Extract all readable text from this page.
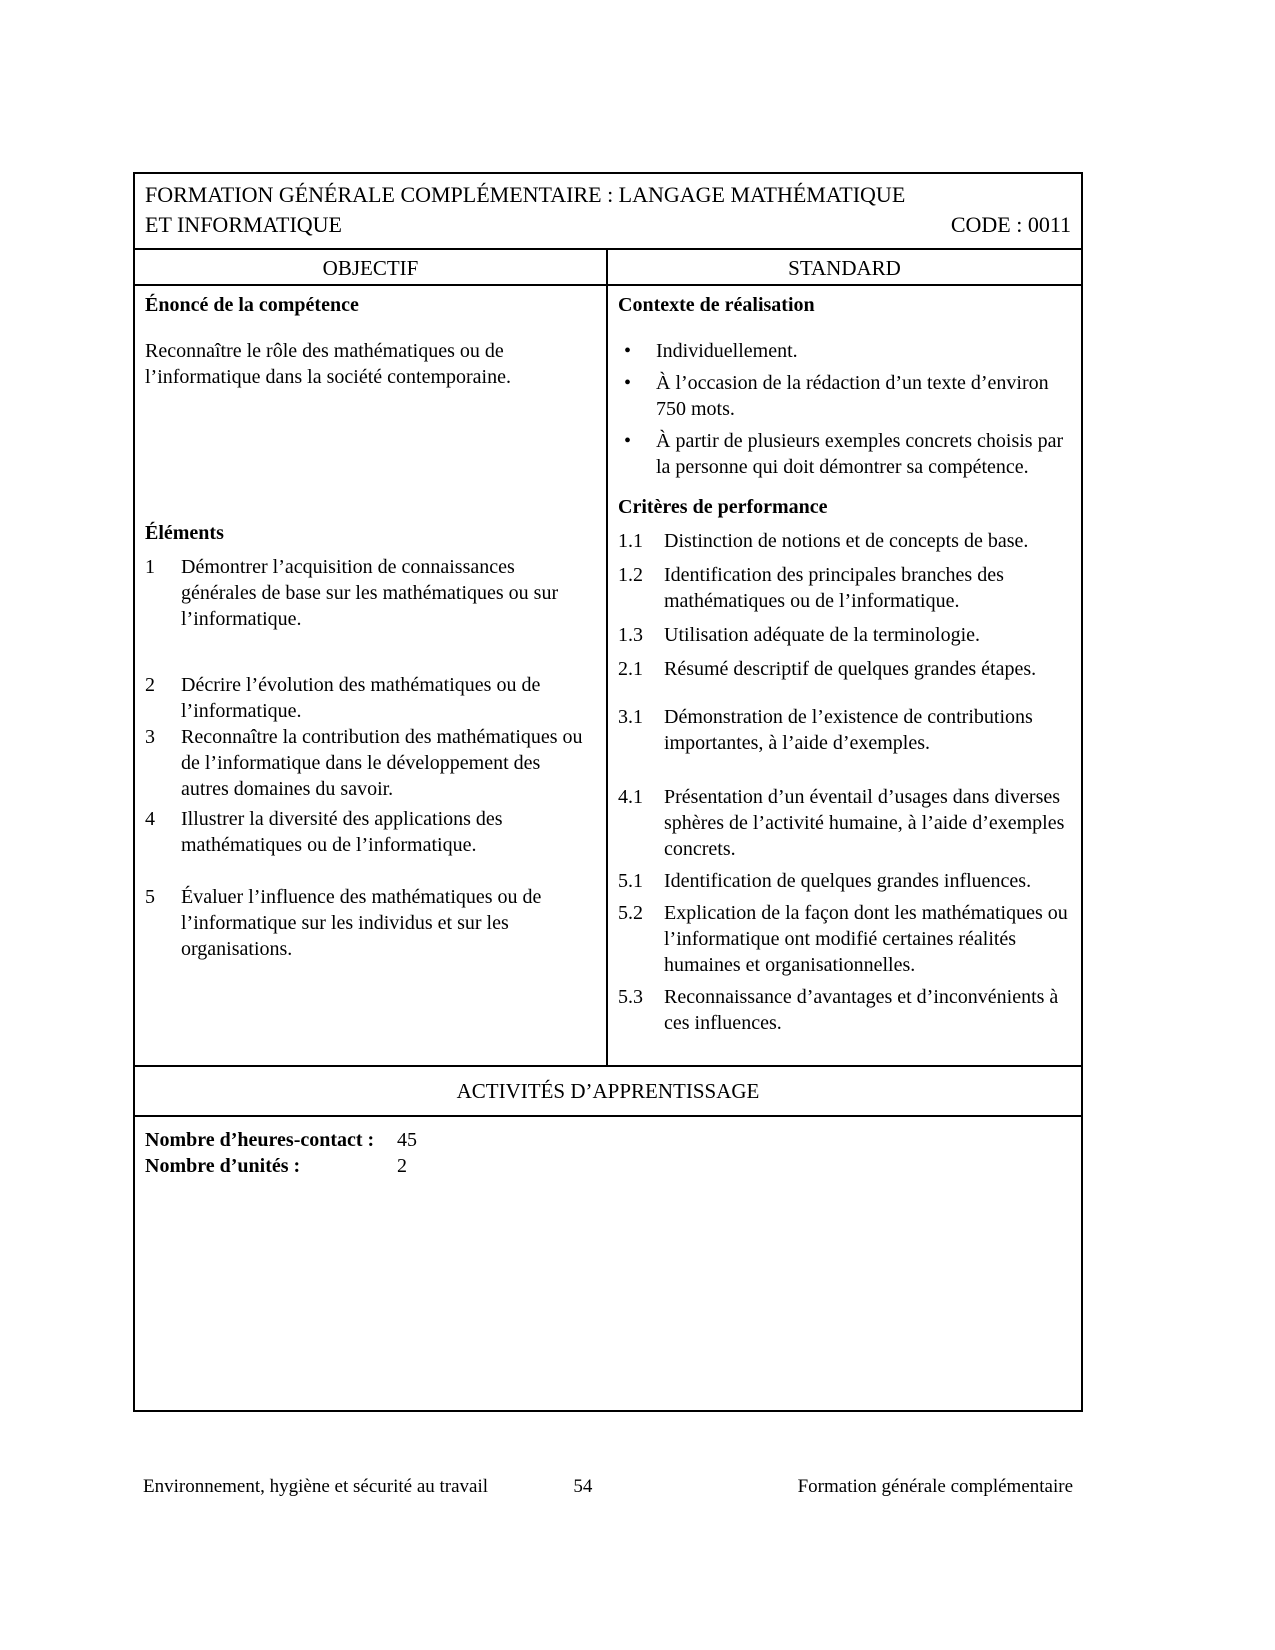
FORMATION GÉNÉRALE COMPLÉMENTAIRE : LANGAGE MATHÉMATIQUE
ET INFORMATIQUE	CODE : 0011
OBJECTIF	STANDARD
Énoncé de la compétence
Reconnaître le rôle des mathématiques ou de l’informatique dans la société contemporaine.
Éléments
1	Démontrer l’acquisition de connaissances générales de base sur les mathématiques ou sur l’informatique.
2	Décrire l’évolution des mathématiques ou de l’informatique.
3	Reconnaître la contribution des mathématiques ou de l’informatique dans le développement des autres domaines du savoir.
4	Illustrer la diversité des applications des mathématiques ou de l’informatique.
5	Évaluer l’influence des mathématiques ou de l’informatique sur les individus et sur les organisations.
Contexte de réalisation
• Individuellement.
• À l’occasion de la rédaction d’un texte d’environ 750 mots.
• À partir de plusieurs exemples concrets choisis par la personne qui doit démontrer sa compétence.
Critères de performance
1.1	Distinction de notions et de concepts de base.
1.2	Identification des principales branches des mathématiques ou de l’informatique.
1.3	Utilisation adéquate de la terminologie.
2.1	Résumé descriptif de quelques grandes étapes.
3.1	Démonstration de l’existence de contributions importantes, à l’aide d’exemples.
4.1	Présentation d’un éventail d’usages dans diverses sphères de l’activité humaine, à l’aide d’exemples concrets.
5.1	Identification de quelques grandes influences.
5.2	Explication de la façon dont les mathématiques ou l’informatique ont modifié certaines réalités humaines et organisationnelles.
5.3	Reconnaissance d’avantages et d’inconvénients à ces influences.
ACTIVITÉS D’APPRENTISSAGE
Nombre d’heures-contact :	45
Nombre d’unités :	2
Environnement, hygiène et sécurité au travail	54	Formation générale complémentaire
